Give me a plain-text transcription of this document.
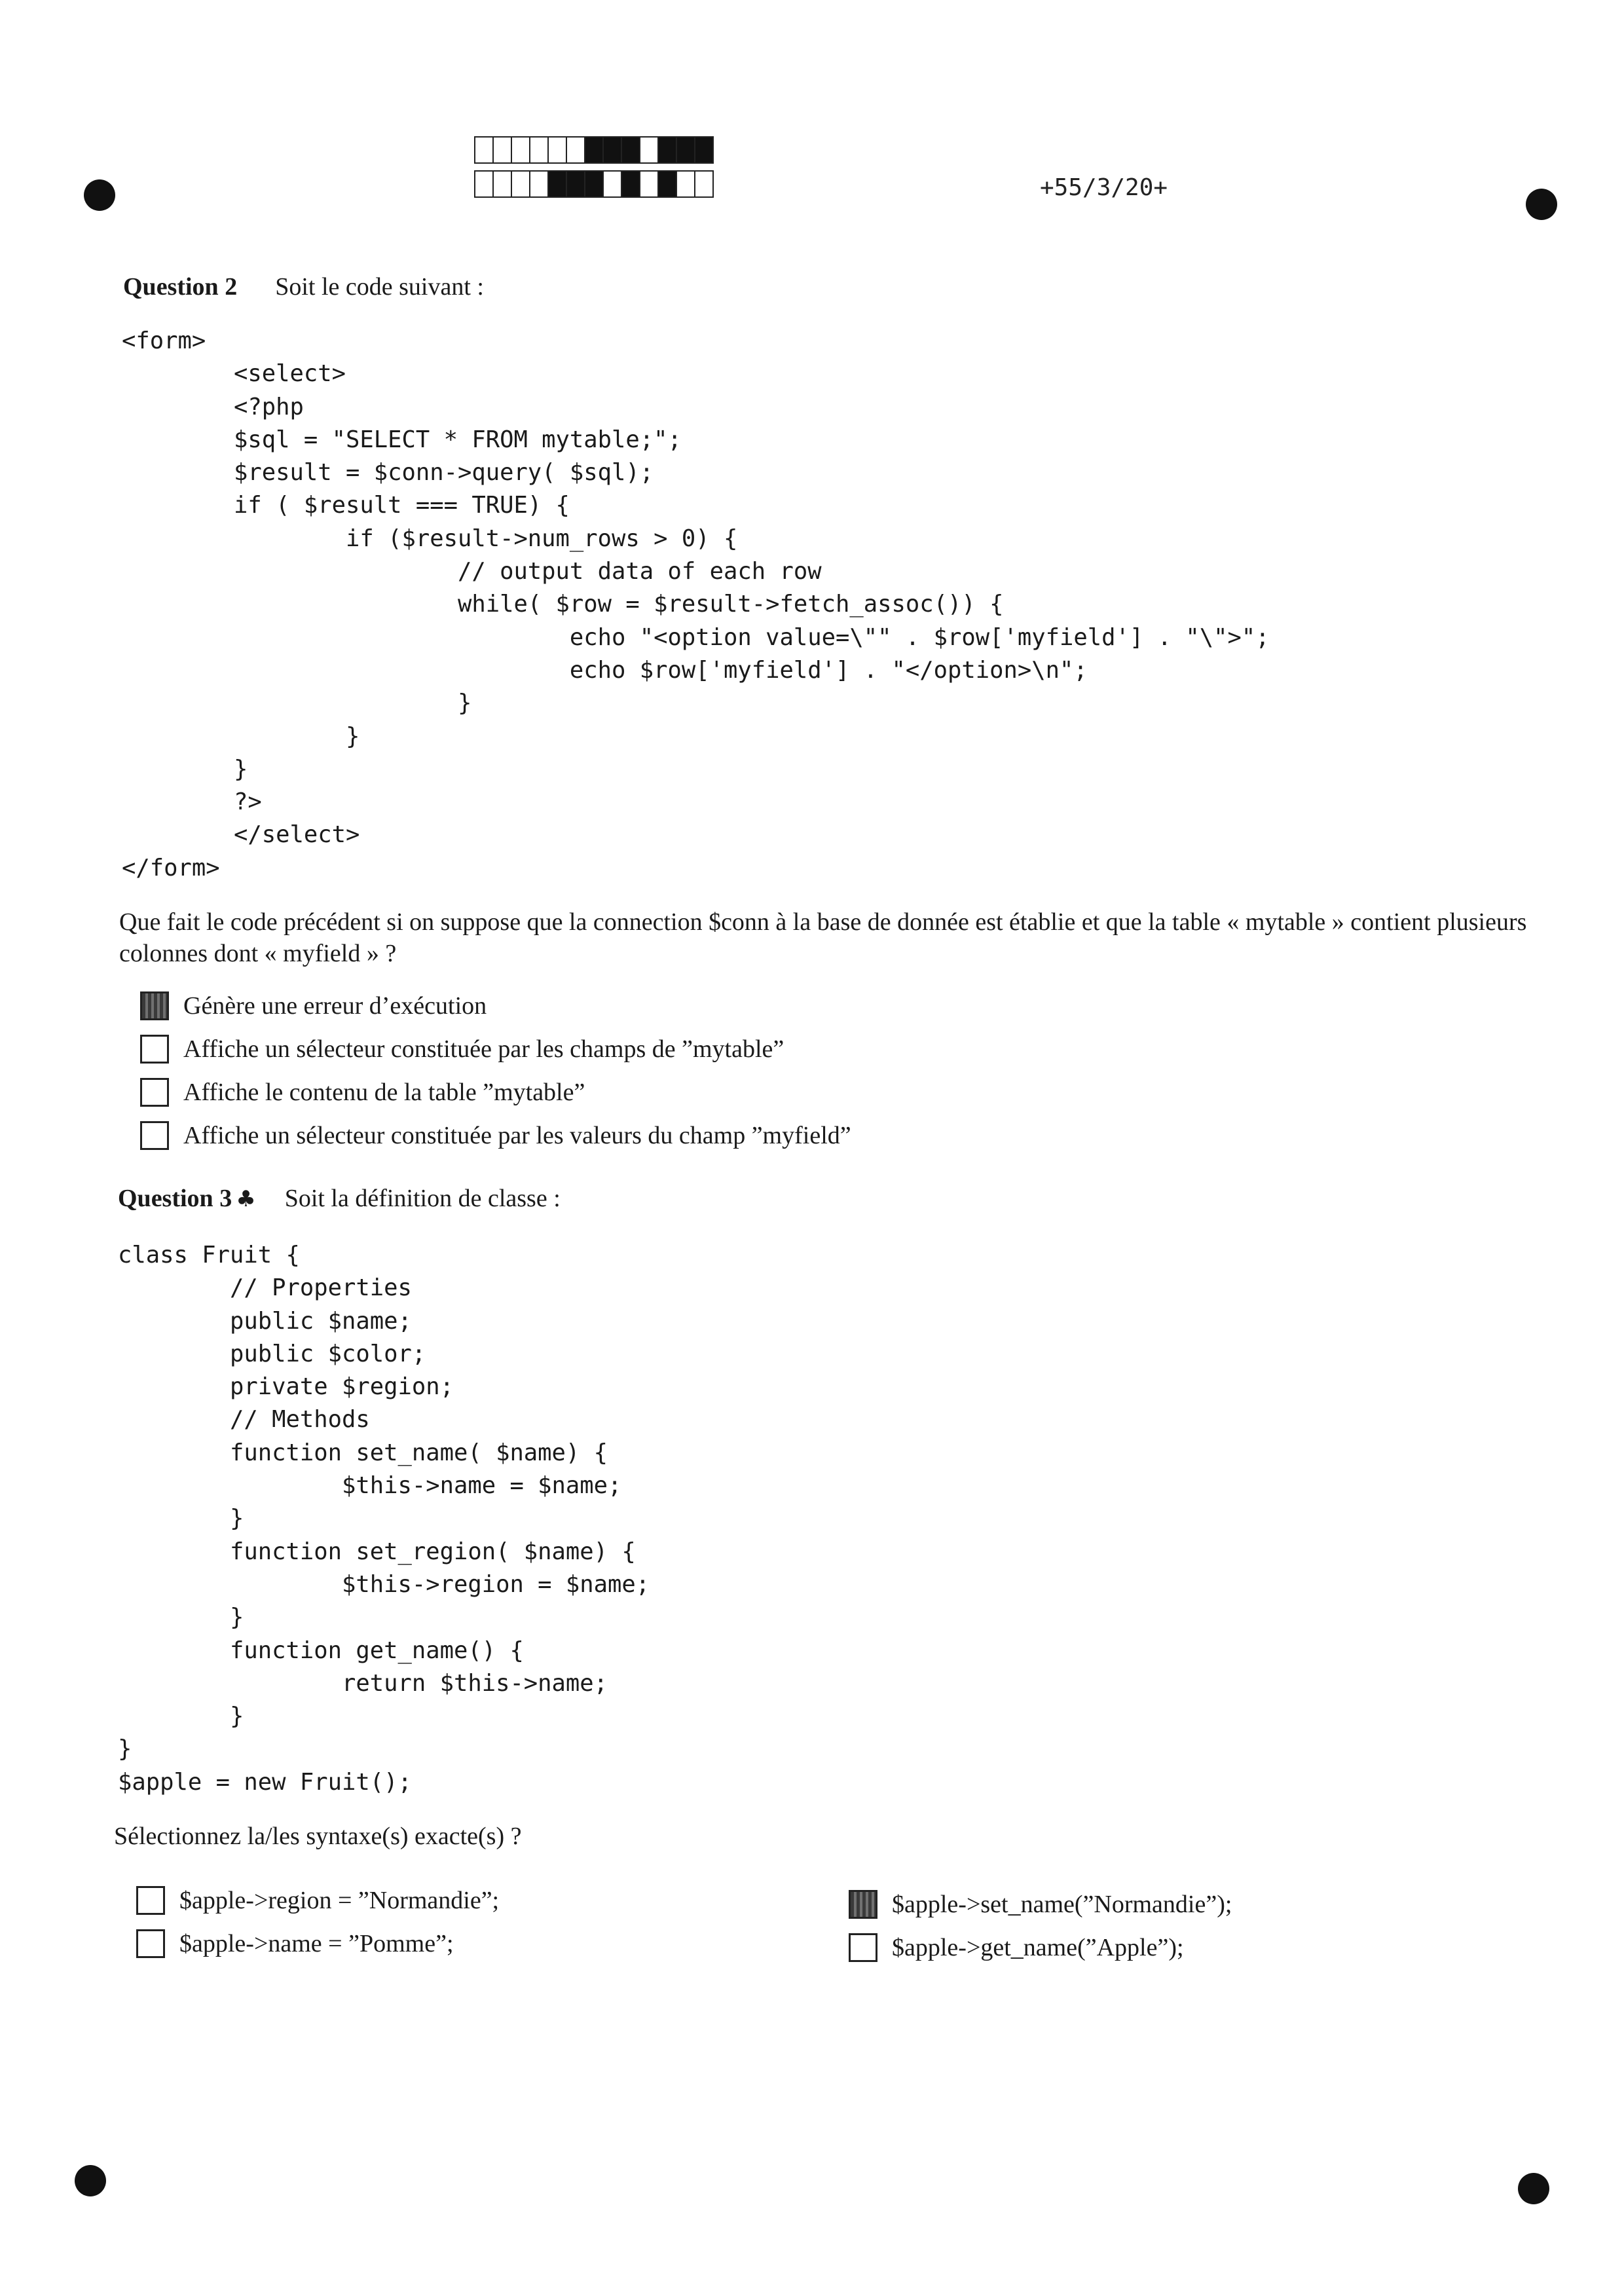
+55/3/20+
Question 2 Soit le code suivant :
<form>
<select>
<?php
$sql = "SELECT * FROM mytable;";
$result = $conn->query( $sql);
if ( $result === TRUE) {
if ($result->num_rows > 0) {
// output data of each row
while( $row = $result->fetch_assoc()) {
echo "<option value=\"" . $row['myfield'] . "\">";
echo $row['myfield'] . "</option>\n";
}
}
}
?>
</select>
</form>
Que fait le code précédent si on suppose que la connection $conn à la base de donnée est établie et que la table « mytable » contient plusieurs colonnes dont « myfield » ?
Génère une erreur d’exécution
Affiche un sélecteur constituée par les champs de ”mytable”
Affiche le contenu de la table ”mytable”
Affiche un sélecteur constituée par les valeurs du champ ”myfield”
Question 3 ♣ Soit la définition de classe :
class Fruit {
// Properties
public $name;
public $color;
private $region;
// Methods
function set_name( $name) {
$this->name = $name;
}
function set_region( $name) {
$this->region = $name;
}
function get_name() {
return $this->name;
}
}
$apple = new Fruit();
Sélectionnez la/les syntaxe(s) exacte(s) ?
$apple->region = ”Normandie”;
$apple->name = ”Pomme”;
$apple->set_name(”Normandie”);
$apple->get_name(”Apple”);
